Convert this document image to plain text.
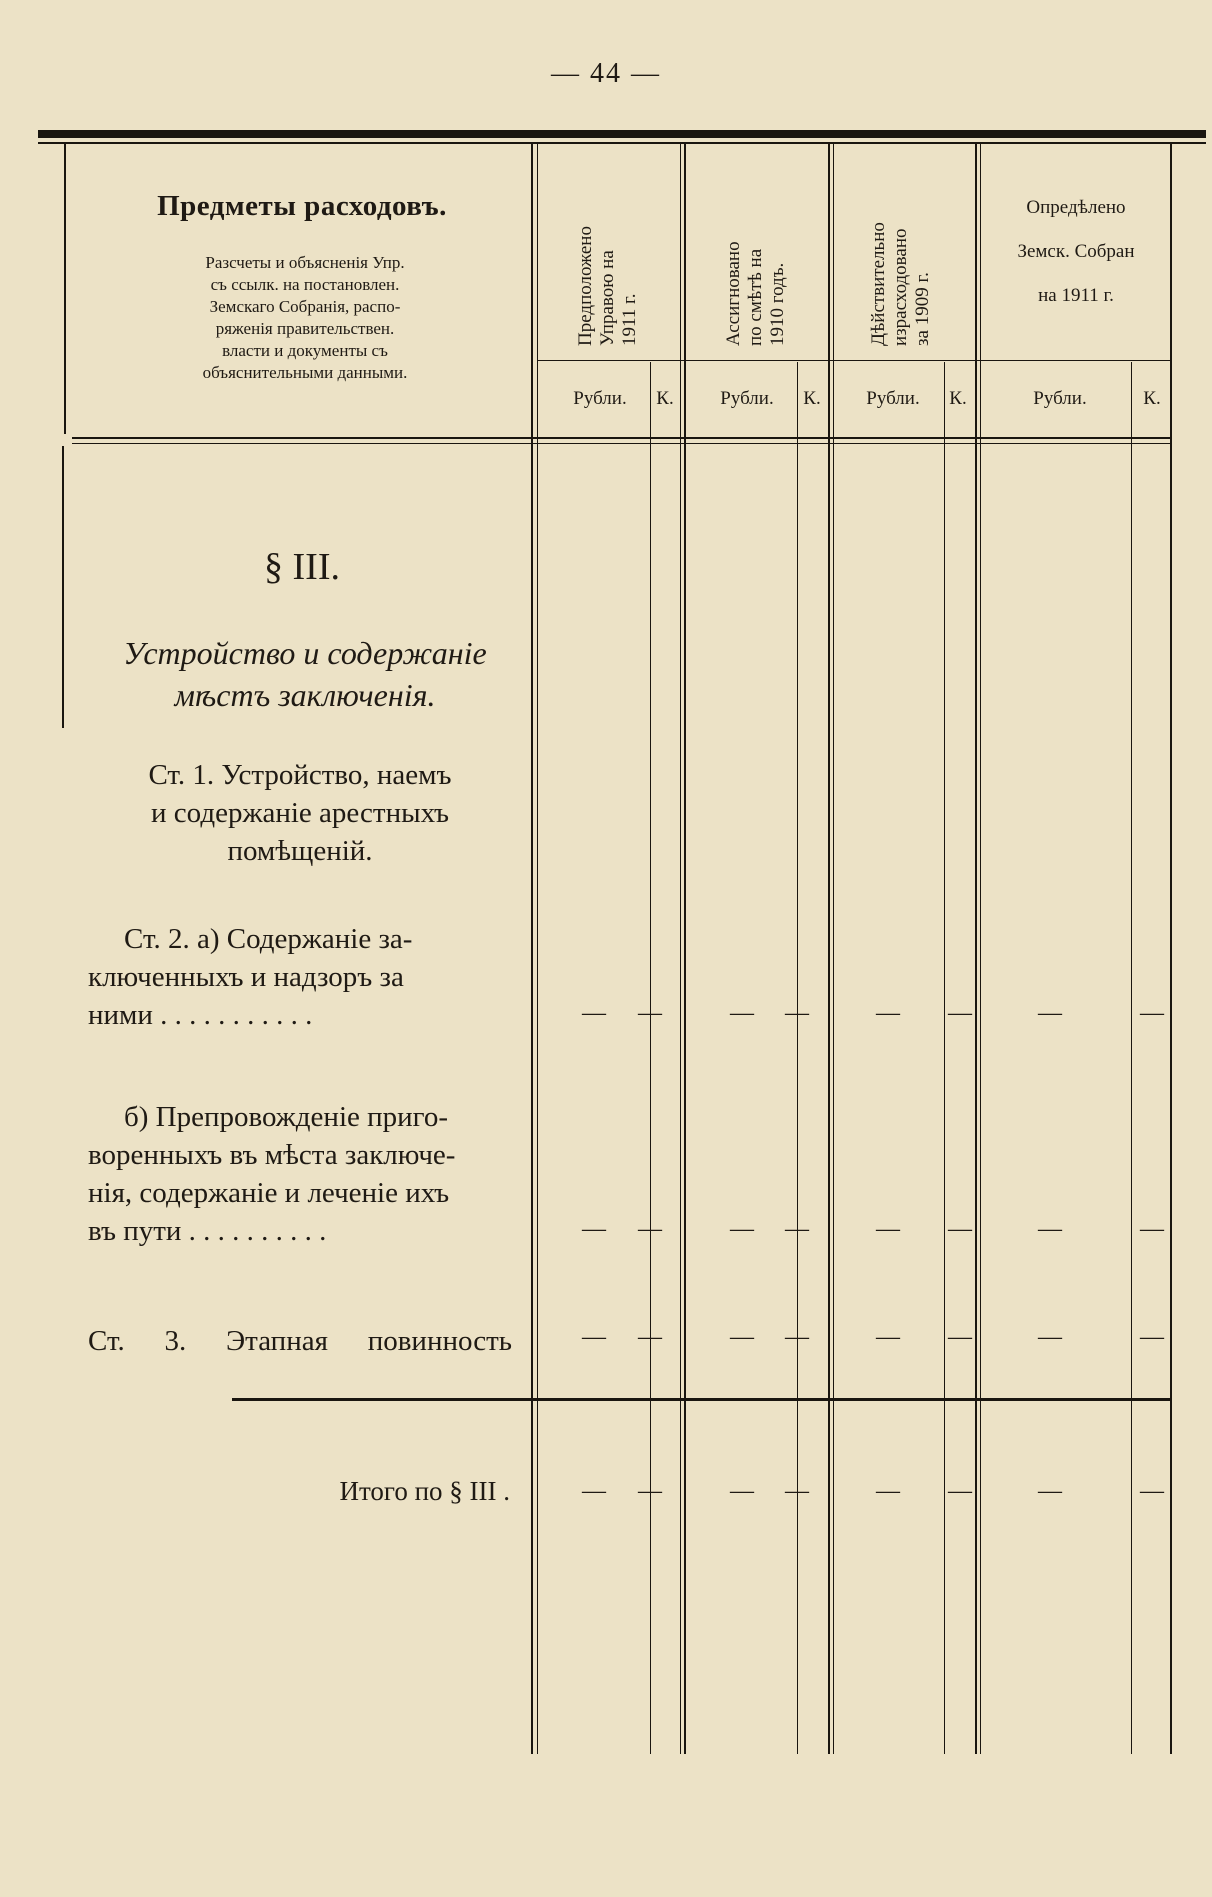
— 44 —
Предметы расходовъ.
Разсчеты и объясненія Упр.
съ ссылк. на постановлен.
Земскаго Собранія, распо-
ряженія правительствен.
власти и документы съ
объяснительными данными.
Предположено
Управою на
1911 г.	Ассигновано
по смѣтѣ на
1910 годъ.	Дѣйствительно
израсходовано
за 1909 г.
Опредѣлено
Земск. Собран
на 1911 г.
Рубли.	К.	Рубли.	К.	Рубли.	К.	Рубли.	К.
§ III.
Устройство и содержаніе
мѣстъ заключенія.
Ст. 1. Устройство, наемъ
и содержаніе арестныхъ
помѣщеній.
Ст. 2. а) Содержаніе за-
ключенныхъ и надзоръ за
ними . . . . . . . . . . .	—	—	—	—	—	—	—	—
б) Препровожденіе приго-
воренныхъ въ мѣста заключе-
нія, содержаніе и леченіе ихъ
въ пути . . . . . . . . . .	—	—	—	—	—	—	—	—
Ст. 3. Этапная повинность	—	—	—	—	—	—	—	—
Итого по § III .	—	—	—	—	—	—	—	—
